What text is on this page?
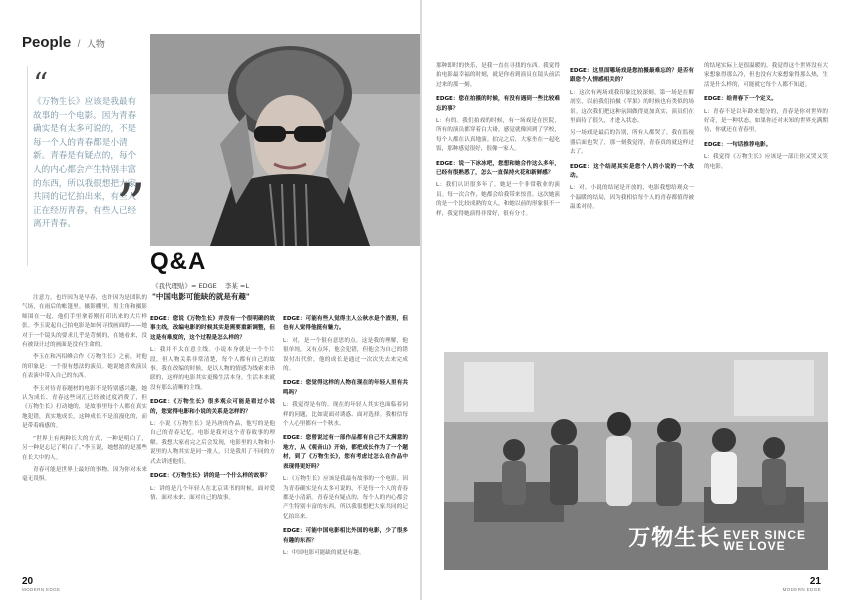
People / 人物
“
《万物生长》应该是我最有故事的一个电影。因为青春确实是有太多可说的，不是每一个人的青春都是小清新。青春是有疑点的，每个人的内心都会产生特别丰富的东西，所以我很想把大家共同的记忆拍出来，有些人正在经历青春，有些人已经离开青春。 ”
Q&A
《我代理贴》= EDGE 李某 =L
"中国电影可能缺的就是有趣"

注意力，也许因为是早春，也许因为是团队的气场，在雨后的帐篷里。摄影棚里，男主角和摄影师围在一起，他们手里拿着刚打印出来的大片样张。李玉说起自己拍电影是如何寻找画面的——她对于一个镜头的要求几乎是苛刻的，在她看来，没有被设计过的画面是没有生命的。

李玉在和冯绍峰合作《万物生长》之前，对他的印象是：一个很有想法的演员。她说她喜欢演员在表演中带入自己的东西。

李玉对待青春题材的电影不是特别感兴趣，她认为成长、青春这些词汇已经被过度消费了，但《万物生长》打动她的，是故事里每个人都在真实地犯错，真实地成长，这种成长不是浪漫化的，而是带着痛感的。

“世界上有两种长大的方式，一种是明白了，另一种是忘记了明白了。”李玉说，她想拍的是那些在长大中的人。

青春可能是世界上最好的事物。因为你对未来毫无畏惧。

EDGE：您说《万物生长》并没有一个很明确的故事主线，改编电影的时候其实是需要重新调整，但这是有难度的，这个过程是怎么样的？

L：我并不太在意主线。小说本身就是一个个片段，但人物关系非常清楚，每个人都有自己的故事。我在改编的时候，是以人物的情感为线索来串联的，这样的电影其实更像生活本身，生活本来就没有那么清晰的主线。

EDGE：《万物生长》很多观众可能是看过小说的，您觉得电影和小说的关系是怎样的？

L：小说《万物生长》是冯唐的作品，他写的是他自己的青春记忆。电影是我对这个青春故事的理解。我想大家看完之后会发现，电影里的人物和小说里的人物其实是同一批人，只是我用了不同的方式去讲述他们。

EDGE：《万物生长》讲的是一个什么样的故事？

L：讲的是几个年轻人在北京读书的时候，面对爱情、面对未来、面对自己的故事。

EDGE：可能有些人觉得主人公秋水是个渣男，但也有人觉得他挺有魅力。

L：对，是一个很有意思的点。这是我的理解，他很单纯，又有点坏，他会犯错，但他会为自己的错误付出代价。他的成长是通过一次次失去来完成的。

EDGE：您觉得这样的人物在现在的年轻人里有共鸣吗？

L：我觉得是有的。现在的年轻人其实也面临着同样的问题，比如说面对诱惑、面对选择。我相信每个人心里都有一个秋水。

EDGE：您曾说过有一部作品都有自己不太满意的地方，从《观音山》开始，都把成长作为了一个题材，到了《万物生长》，您有考虑过怎么在作品中表现得更好吗？

L：《万物生长》应该是我最有故事的一个电影。因为青春确实是有太多可说的，不是每一个人的青春都是小清新。青春是有疑点的，每个人的内心都会产生特别丰富的东西，所以我很想把大家共同的记忆拍出来。

EDGE：可能中国电影相比外国的电影，少了很多有趣的东西？

L：中国电影可能缺的就是有趣。

20
MODERN EDGE

那种即时的快乐，是我一直在寻找的东西。我觉得拍电影最幸福的时刻，就是你看到演员在镜头前活过来的那一刻。

EDGE：您在拍摄的时候，有没有遇到一些比较难忘的事？

L：有的。我们拍戏的时候，有一场戏是在医院，所有的演员都穿着白大褂，感觉就像回到了学校，每个人都在认真地演。拍完之后，大家坐在一起吃饭，那种感觉很好，很像一家人。

EDGE：说一下冰冰吧，您想和她合作这么多年，已经有很熟悉了，怎么一直保持火花和新鲜感？

L：我们认识很多年了，她是一个非常敬业的演员。每一次合作，她都会给我带来惊喜。这次她演的是一个比较成熟的女人，和她以前的形象很不一样，我觉得她演得非常好，很有分寸。

EDGE：这里面哪场戏是您拍摄最难忘的？是否有跟您个人情感相关的？

L：这次有两场戏我印象比较深刻。第一场是在解剖室，以前我们拍摄《苹果》的时候也有类似的场景。这次我们把这种氛围做得更加真实，演员们在里面待了很久，才进入状态。

另一场戏是最后的告别，所有人都哭了。我在监视器后面也哭了，那一刻我觉得，青春真的就这样过去了。

EDGE：这个结尾其实是您个人的小说的一个改动。

L：对。小说的结尾是开放的，电影我想给观众一个温暖的结局，因为我相信每个人的青春都值得被温柔对待。

的结尾实际上是很温暖的。我觉得这个世界没有大家想象得那么冷，但也没有大家想象得那么热，生活是什么样的，可能就它每个人都不知道。

EDGE：给青春下一个定义。

L：青春不是以年龄来划分的，青春是你对世界的好奇，是一种状态。如果你还对未知的世界充满期待，你就还在青春里。

EDGE：一句话推荐电影。

L：我觉得《万物生长》应该是一部让你又哭又笑的电影。

万物生长 EVER SINCE
WE LOVE
21
MODERN EDGE
